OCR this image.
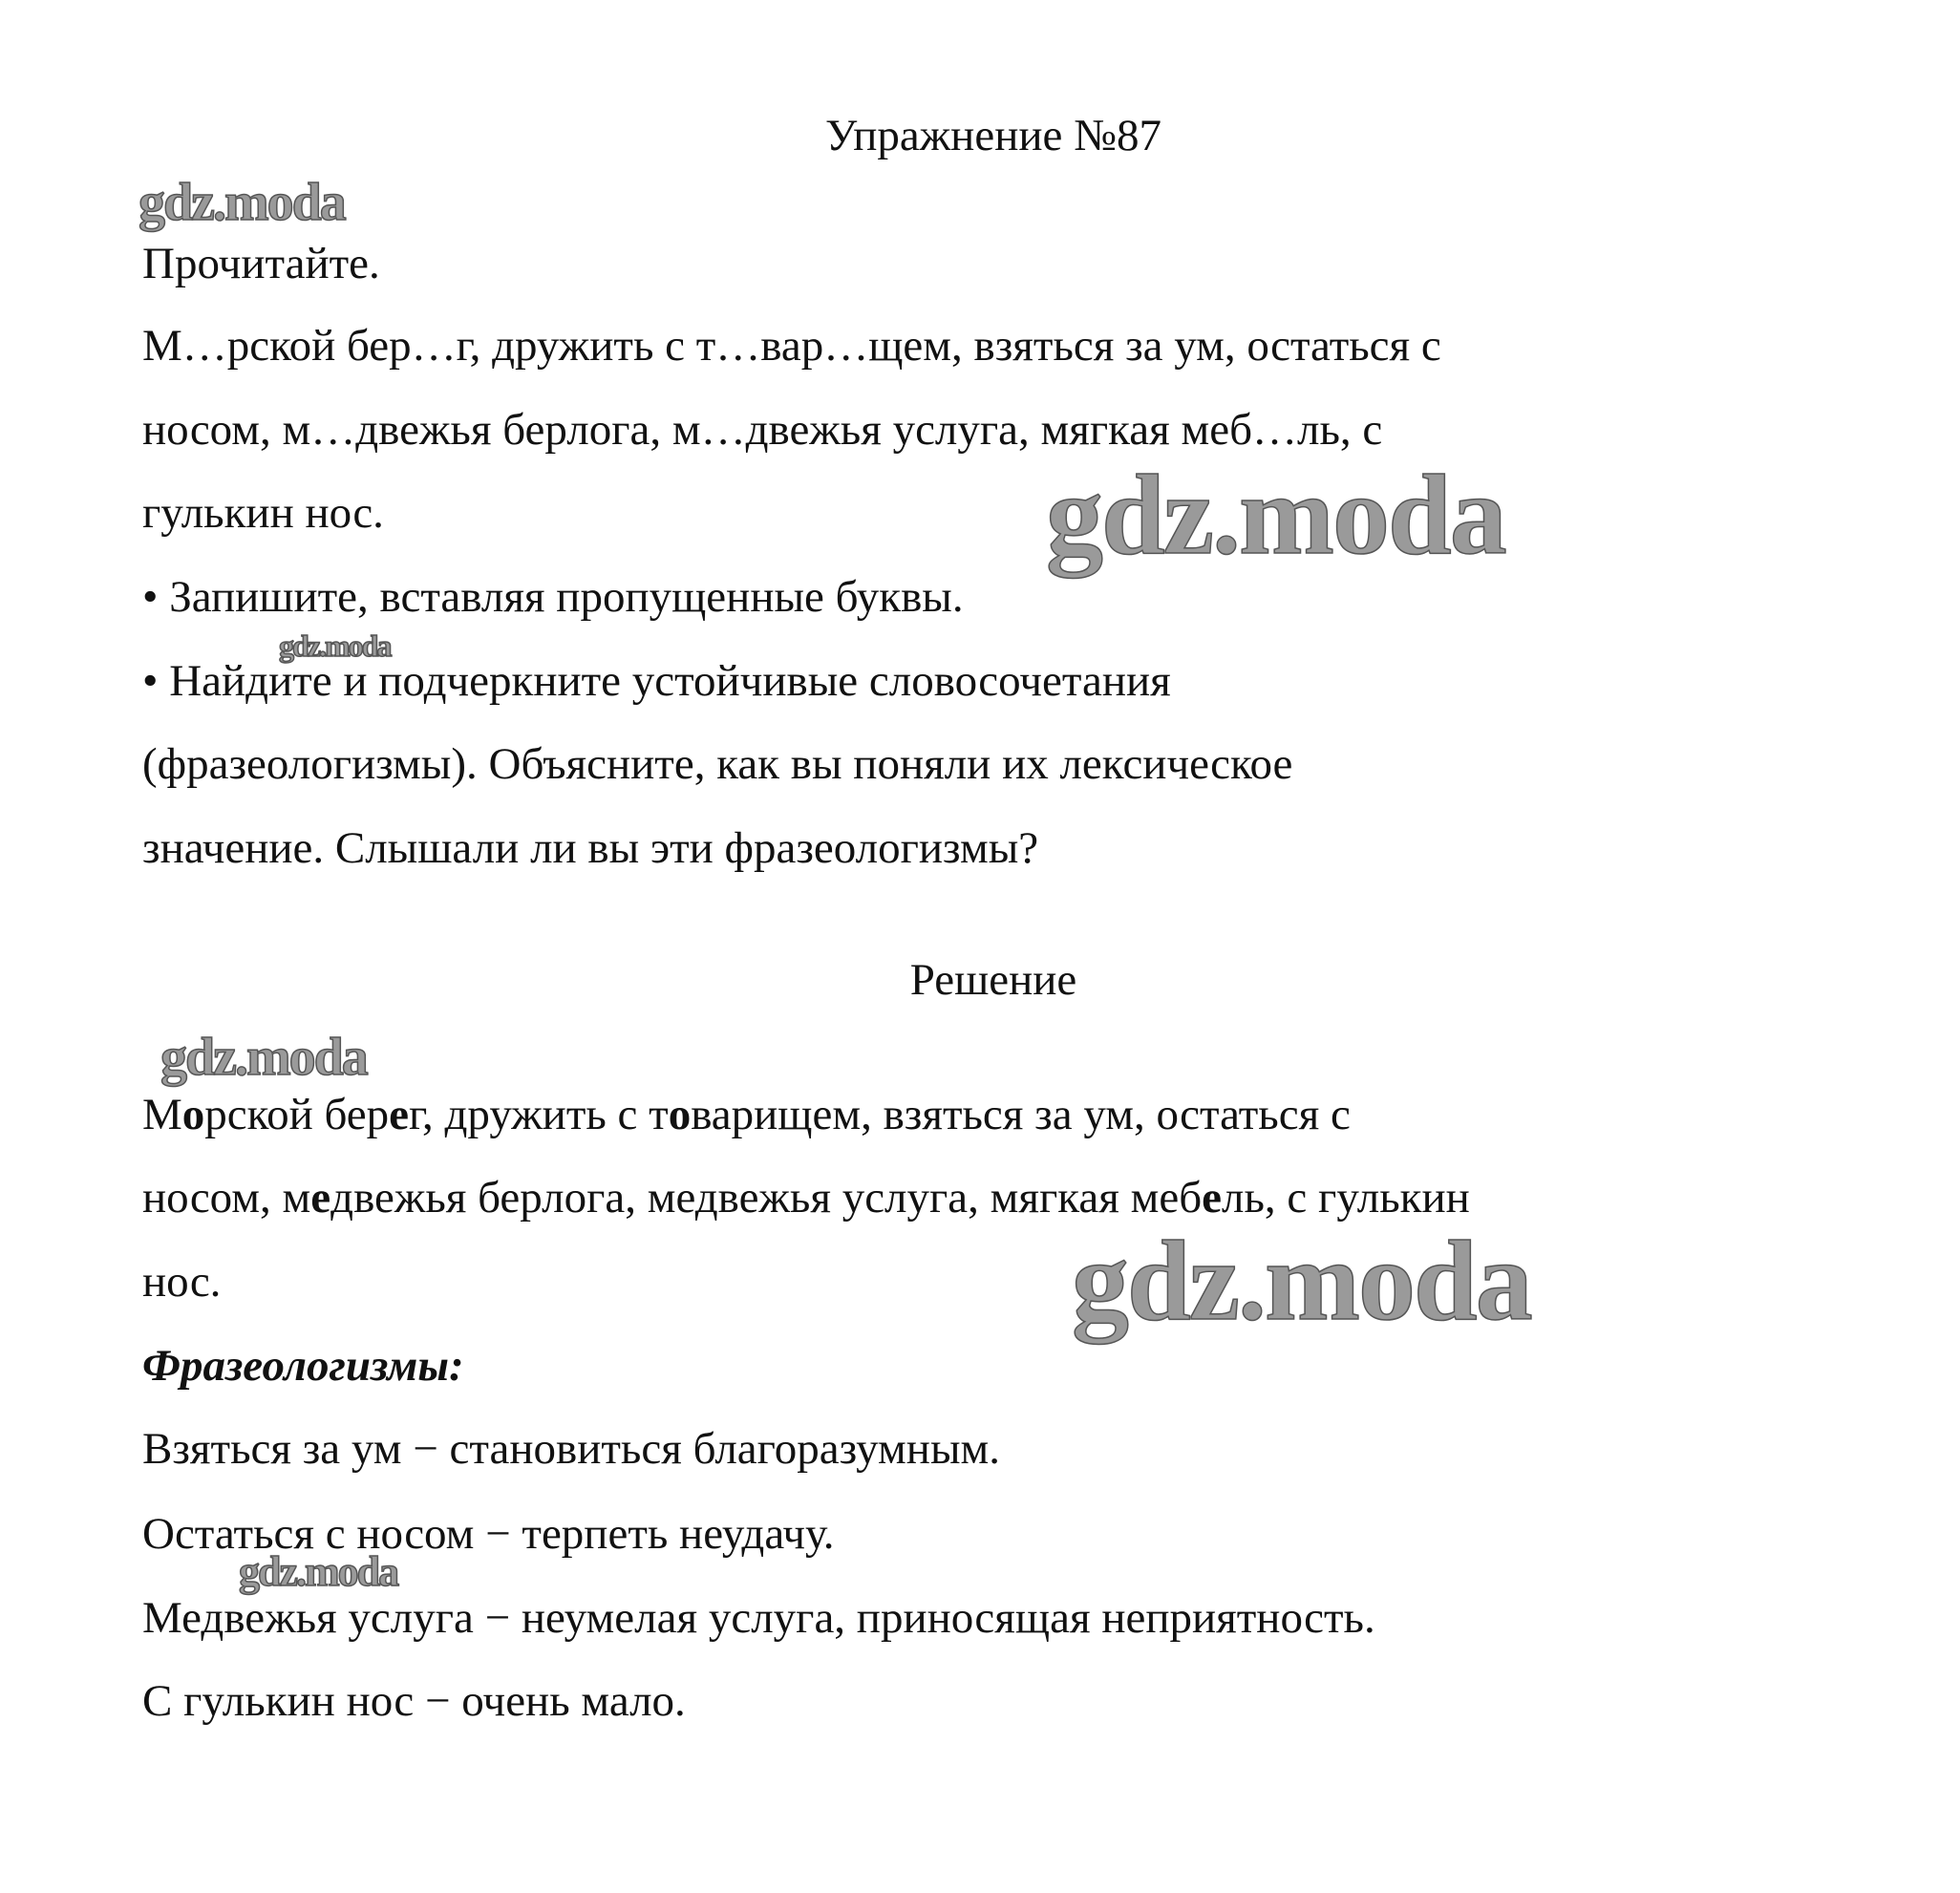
Упражнение №87
gdz.moda
Прочитайте.
М…рской бер…г, дружить с т…вар…щем, взяться за ум, остаться с
носом, м…двежья берлога, м…двежья услуга, мягкая меб…ль, с
гулькин нос.	gdz.moda
• Запишите, вставляя пропущенные буквы.
gdz.moda
• Найдите и подчеркните устойчивые словосочетания
(фразеологизмы). Объясните, как вы поняли их лексическое
значение. Слышали ли вы эти фразеологизмы?
Решение
gdz.moda
Морской берег, дружить с товарищем, взяться за ум, остаться с
носом, медвежья берлога, медвежья услуга, мягкая мебель, с гулькин
нос.	gdz.moda
Фразеологизмы:
Взяться за ум − становиться благоразумным.
Остаться с носом − терпеть неудачу.
gdz.moda
Медвежья услуга − неумелая услуга, приносящая неприятность.
С гулькин нос − очень мало.
